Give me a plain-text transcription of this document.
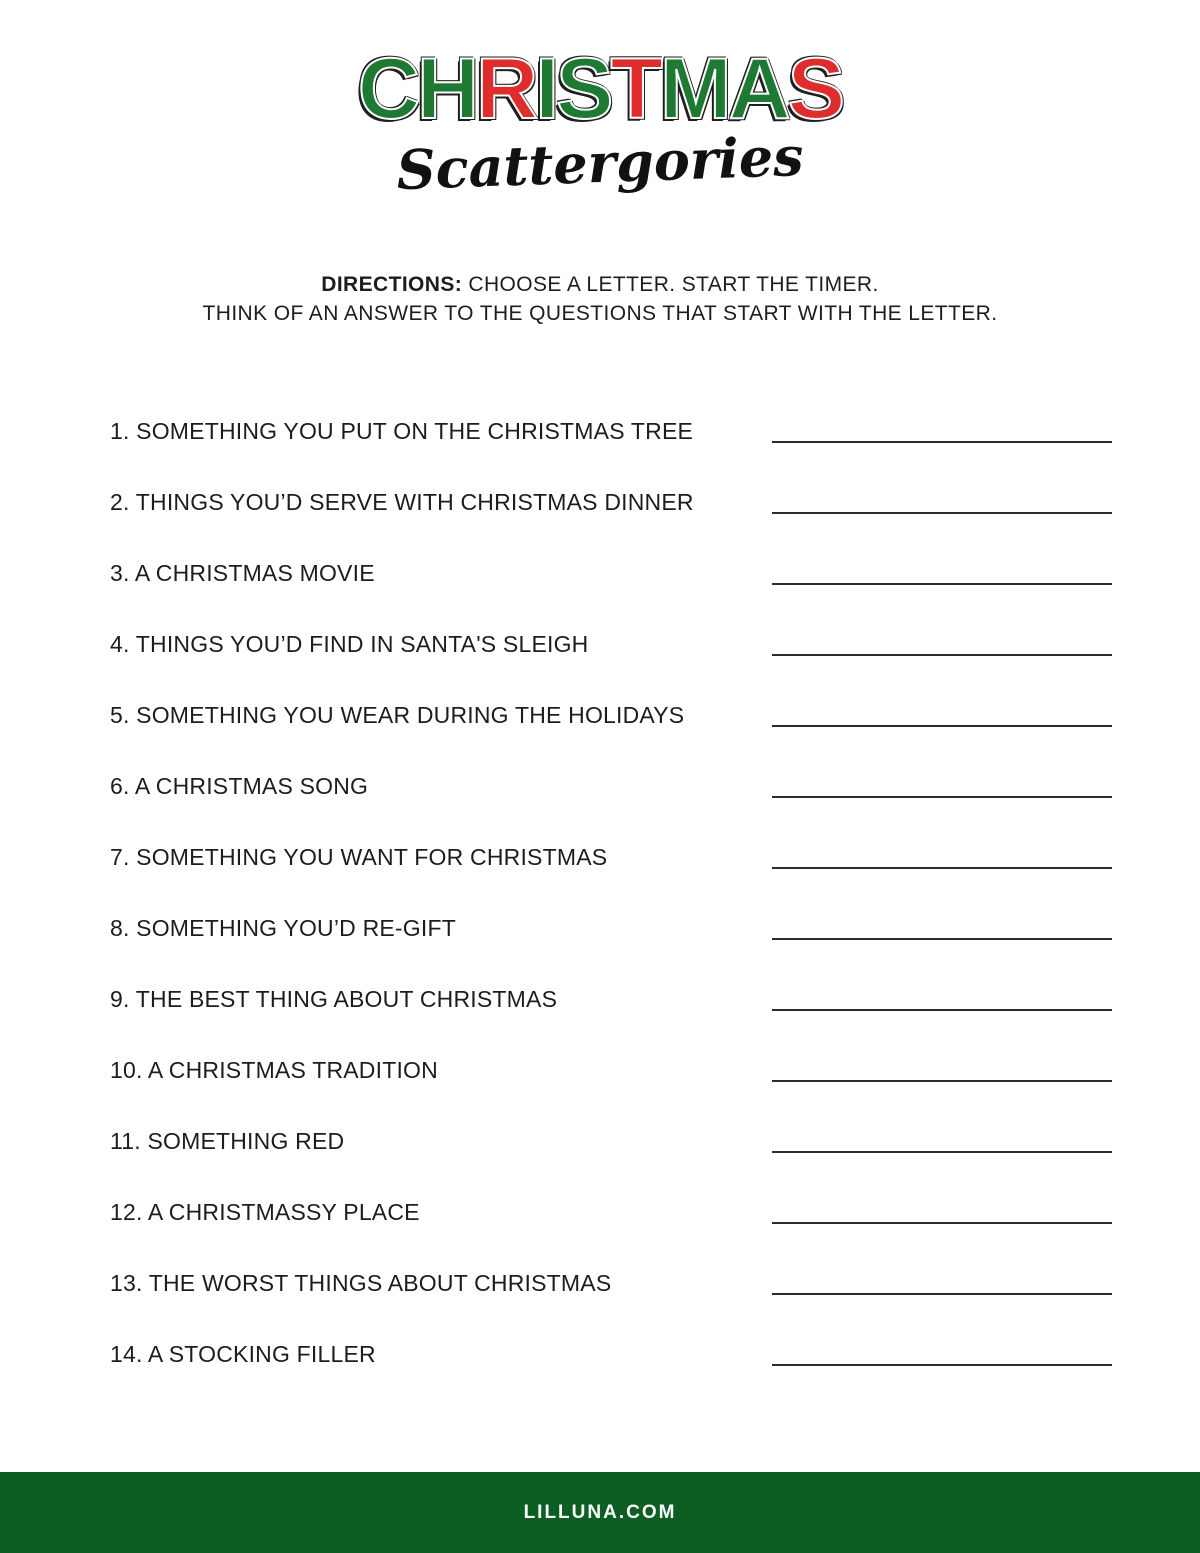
CHRISTMAS
Scattergories
DIRECTIONS: CHOOSE A LETTER. START THE TIMER.
THINK OF AN ANSWER TO THE QUESTIONS THAT START WITH THE LETTER.
1. SOMETHING YOU PUT ON THE CHRISTMAS TREE
2. THINGS YOU’D SERVE WITH CHRISTMAS DINNER
3. A CHRISTMAS MOVIE
4. THINGS YOU’D FIND IN SANTA'S SLEIGH
5. SOMETHING YOU WEAR DURING THE HOLIDAYS
6. A CHRISTMAS SONG
7. SOMETHING YOU WANT FOR CHRISTMAS
8. SOMETHING YOU’D RE-GIFT
9. THE BEST THING ABOUT CHRISTMAS
10. A CHRISTMAS TRADITION
11. SOMETHING RED
12. A CHRISTMASSY PLACE
13. THE WORST THINGS ABOUT CHRISTMAS
14. A STOCKING FILLER
LILLUNA.COM
